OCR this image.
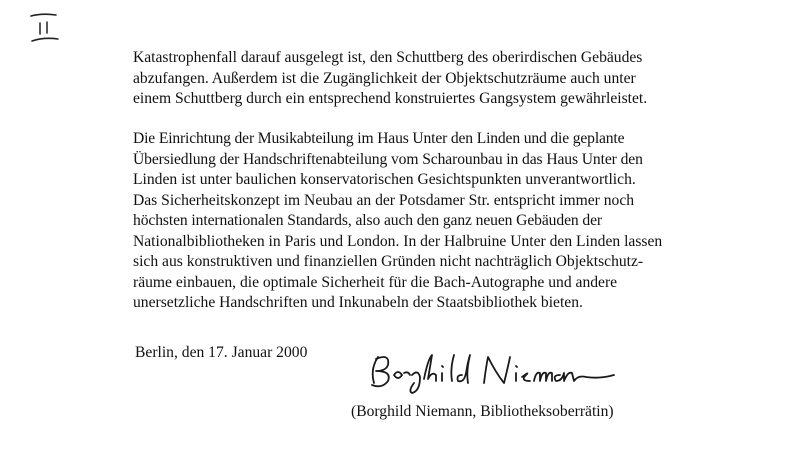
Katastrophenfall darauf ausgelegt ist, den Schuttberg des oberirdischen Gebäudes
abzufangen. Außerdem ist die Zugänglichkeit der Objektschutzräume auch unter
einem Schuttberg durch ein entsprechend konstruiertes Gangsystem gewährleistet.
Die Einrichtung der Musikabteilung im Haus Unter den Linden und die geplante
Übersiedlung der Handschriftenabteilung vom Scharounbau in das Haus Unter den
Linden ist unter baulichen konservatorischen Gesichtspunkten unverantwortlich.
Das Sicherheitskonzept im Neubau an der Potsdamer Str. entspricht immer noch
höchsten internationalen Standards, also auch den ganz neuen Gebäuden der
Nationalbibliotheken in Paris und London. In der Halbruine Unter den Linden lassen
sich aus konstruktiven und finanziellen Gründen nicht nachträglich Objektschutz-
räume einbauen, die optimale Sicherheit für die Bach-Autographe und andere
unersetzliche Handschriften und Inkunabeln der Staatsbibliothek bieten.
Berlin, den 17. Januar 2000
(Borghild Niemann, Bibliotheksoberrätin)
